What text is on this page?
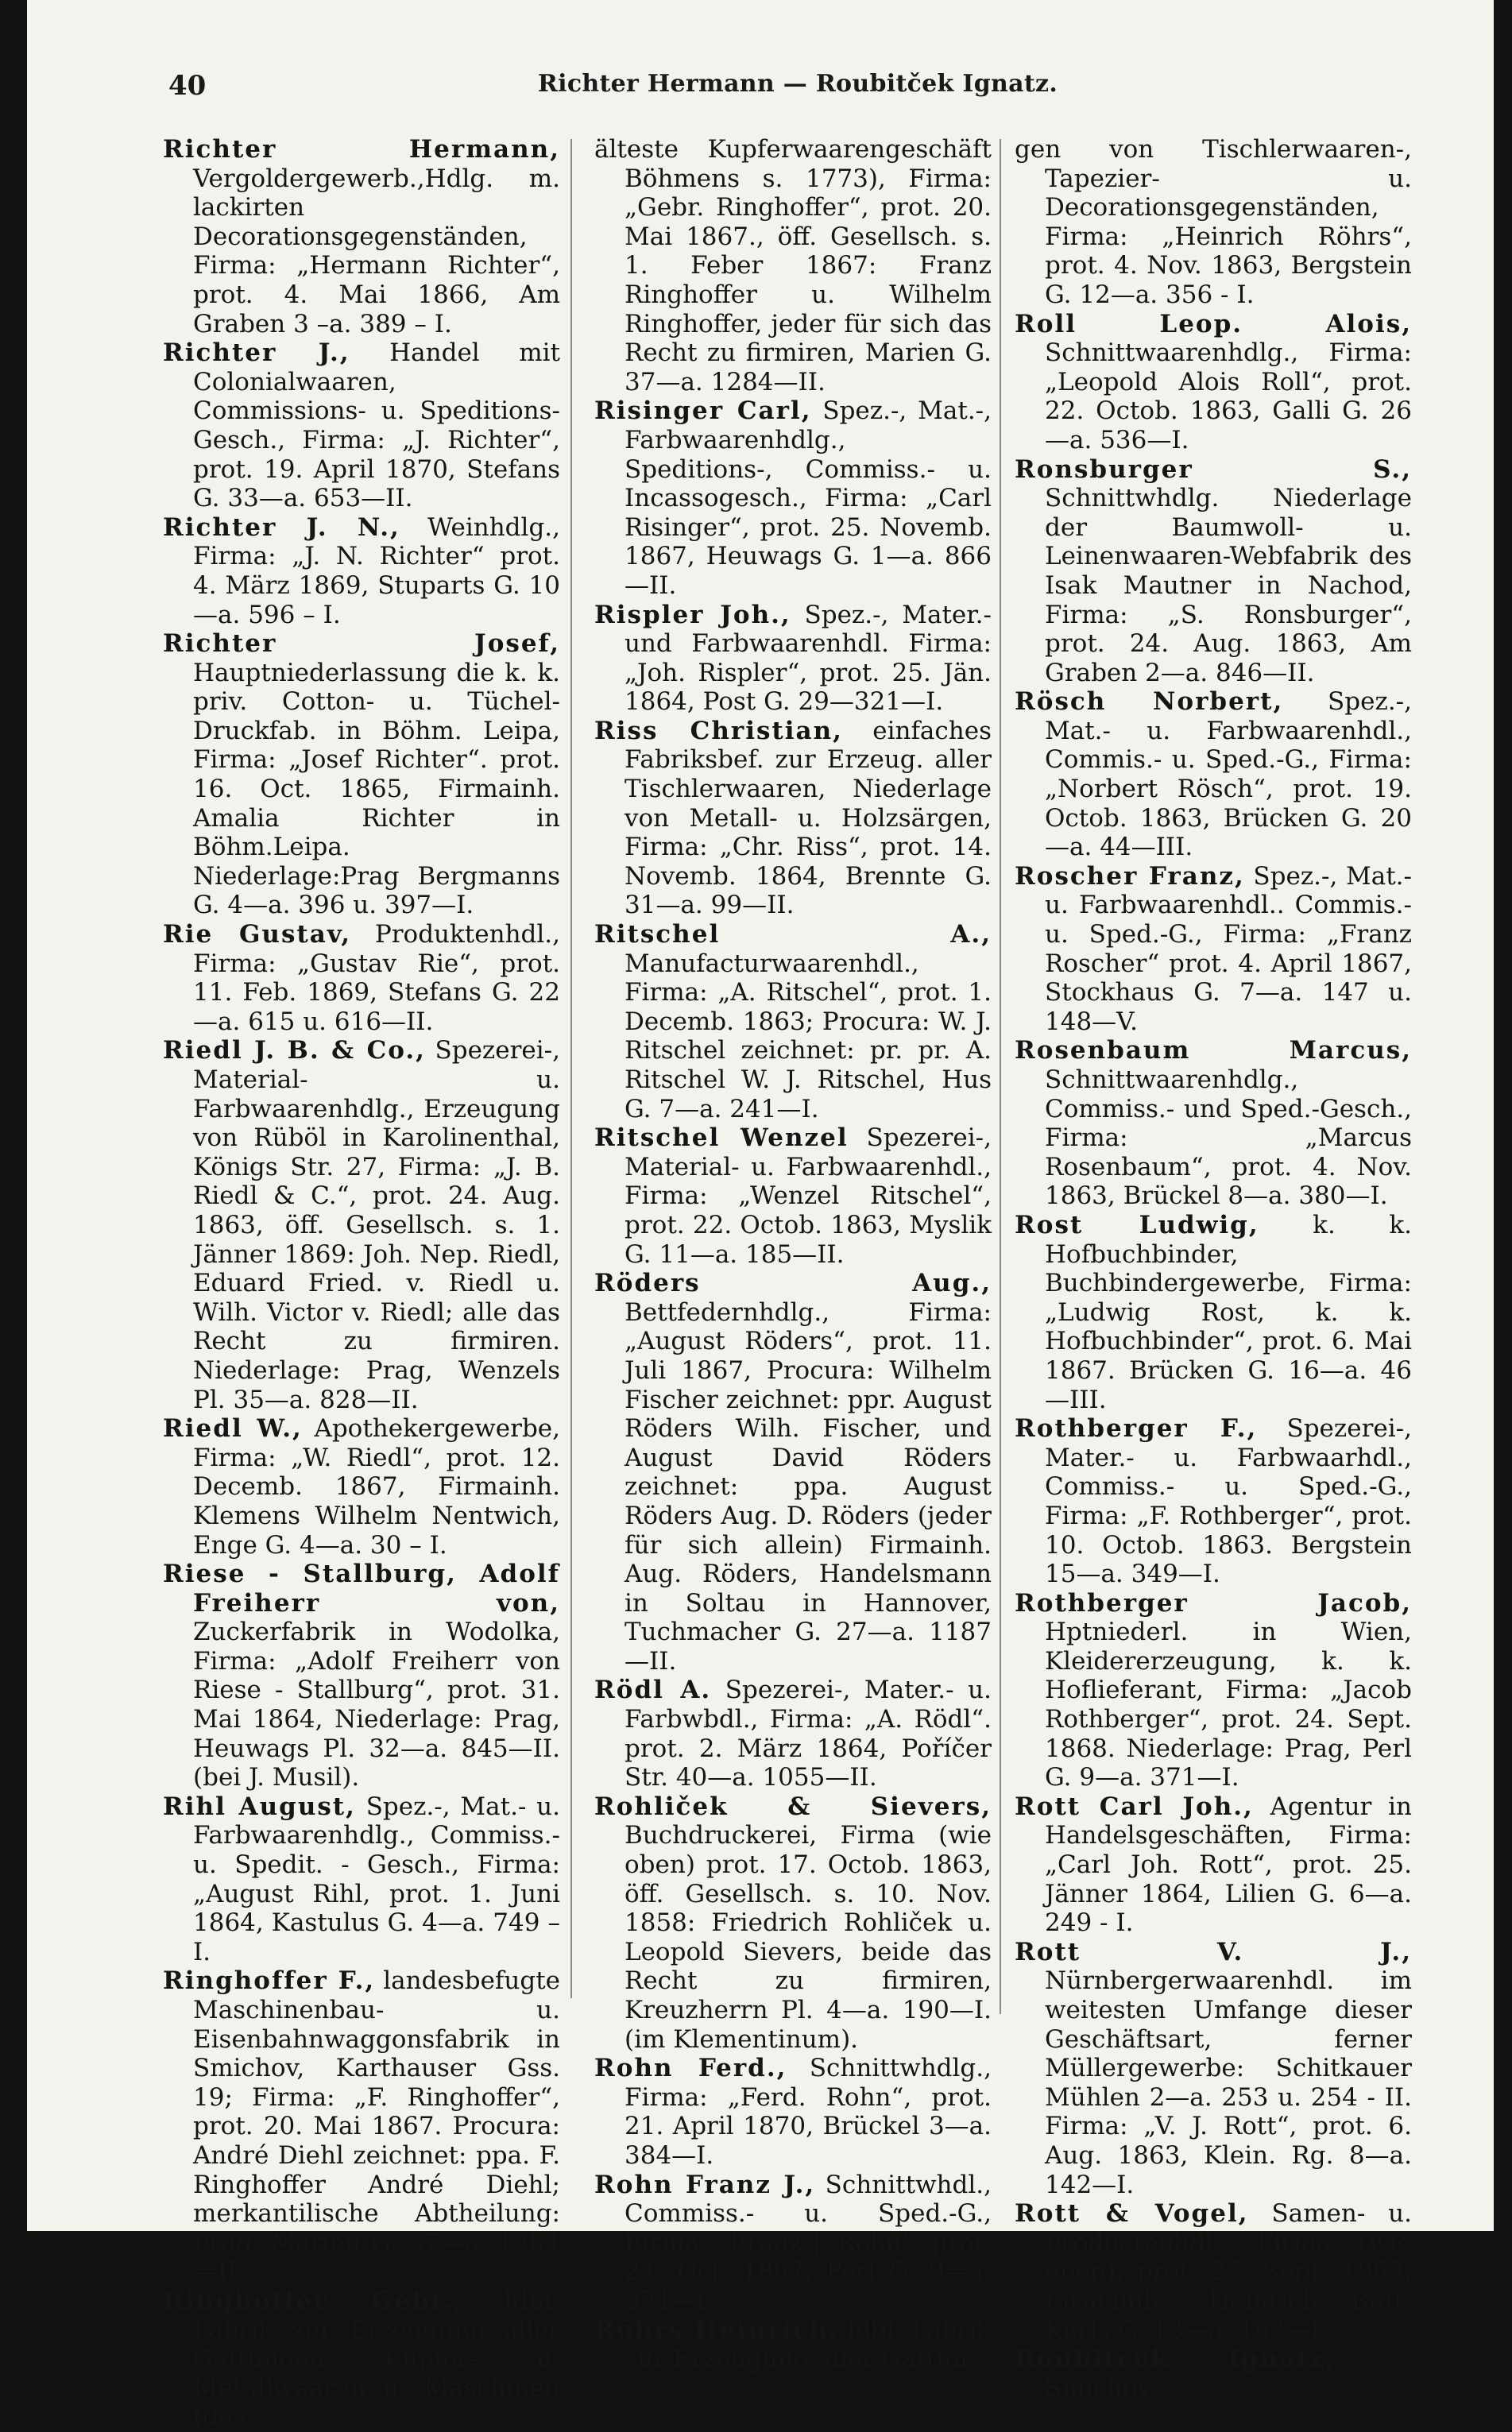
40	Richter Hermann — Roubitček Ignatz.

Richter Hermann, Vergoldergewerb.,Hdlg. m. lackirten Decorationsgegenständen, Firma: „Hermann Richter“, prot. 4. Mai 1866, Am Graben 3 –a. 389 – I.

Richter J., Handel mit Colonialwaaren, Commissions- u. Speditions-Gesch., Firma: „J. Richter“, prot. 19. April 1870, Stefans G. 33—a. 653—II.

Richter J. N., Weinhdlg., Firma: „J. N. Richter“ prot. 4. März 1869, Stuparts G. 10—a. 596 – I.

Richter Josef, Hauptniederlassung die k. k. priv. Cotton- u. Tüchel-Druckfab. in Böhm. Leipa, Firma: „Josef Richter“. prot. 16. Oct. 1865, Firmainh. Amalia Richter in Böhm.Leipa. Niederlage:Prag Bergmanns G. 4—a. 396 u. 397—I.

Rie Gustav, Produktenhdl., Firma: „Gustav Rie“, prot. 11. Feb. 1869, Stefans G. 22—a. 615 u. 616—II.

Riedl J. B. & Co., Spezerei-, Material- u. Farbwaarenhdlg., Erzeugung von Rüböl in Karolinenthal, Königs Str. 27, Firma: „J. B. Riedl & C.“, prot. 24. Aug. 1863, öff. Gesellsch. s. 1. Jänner 1869: Joh. Nep. Riedl, Eduard Fried. v. Riedl u. Wilh. Victor v. Riedl; alle das Recht zu firmiren. Niederlage: Prag, Wenzels Pl. 35—a. 828—II.

Riedl W., Apothekergewerbe, Firma: „W. Riedl“, prot. 12. Decemb. 1867, Firmainh. Klemens Wilhelm Nentwich, Enge G. 4—a. 30 – I.

Riese - Stallburg, Adolf Freiherr von, Zuckerfabrik in Wodolka, Firma: „Adolf Freiherr von Riese - Stallburg“, prot. 31. Mai 1864, Niederlage: Prag, Heuwags Pl. 32—a. 845—II. (bei J. Musil).

Rihl August, Spez.-, Mat.- u. Farbwaarenhdlg., Commiss.- u. Spedit. - Gesch., Firma: „August Rihl, prot. 1. Juni 1864, Kastulus G. 4—a. 749 – I.

Ringhoffer F., landesbefugte Maschinenbau- u. Eisenbahnwaggonsfabrik in Smichov, Karthauser Gss. 19; Firma: „F. Ringhoffer“, prot. 20. Mai 1867. Procura: André Diehl zeichnet: ppa. F. Ringhoffer André Diehl; merkantilische Abtheilung: Prag, Marien G. 37—a. 1284—II.

Ringhoffer Gebr., ldbf. Fabrik zur Erzeugung aller Gattungen Kupfer- u. Metallwaaren u. Maschinen (das

älteste Kupferwaarengeschäft Böhmens s. 1773), Firma: „Gebr. Ringhoffer“, prot. 20. Mai 1867., öff. Gesellsch. s. 1. Feber 1867: Franz Ringhoffer u. Wilhelm Ringhoffer, jeder für sich das Recht zu firmiren, Marien G. 37—a. 1284—II.

Risinger Carl, Spez.-, Mat.-, Farbwaarenhdlg., Speditions-, Commiss.- u. Incassogesch., Firma: „Carl Risinger“, prot. 25. Novemb. 1867, Heuwags G. 1—a. 866—II.

Rispler Joh., Spez.-, Mater.- und Farbwaarenhdl. Firma: „Joh. Rispler“, prot. 25. Jän. 1864, Post G. 29—321—I.

Riss Christian, einfaches Fabriksbef. zur Erzeug. aller Tischlerwaaren, Niederlage von Metall- u. Holzsärgen, Firma: „Chr. Riss“, prot. 14. Novemb. 1864, Brennte G. 31—a. 99—II.

Ritschel A., Manufacturwaarenhdl., Firma: „A. Ritschel“, prot. 1. Decemb. 1863; Procura: W. J. Ritschel zeichnet: pr. pr. A. Ritschel W. J. Ritschel, Hus G. 7—a. 241—I.

Ritschel Wenzel Spezerei-, Material- u. Farbwaarenhdl., Firma: „Wenzel Ritschel“, prot. 22. Octob. 1863, Myslik G. 11—a. 185—II.

Röders Aug., Bettfedernhdlg., Firma: „August Röders“, prot. 11. Juli 1867, Procura: Wilhelm Fischer zeichnet: ppr. August Röders Wilh. Fischer, und August David Röders zeichnet: ppa. August Röders Aug. D. Röders (jeder für sich allein) Firmainh. Aug. Röders, Handelsmann in Soltau in Hannover, Tuchmacher G. 27—a. 1187—II.

Rödl A. Spezerei-, Mater.- u. Farbwbdl., Firma: „A. Rödl“. prot. 2. März 1864, Poříčer Str. 40—a. 1055—II.

Rohliček & Sievers, Buchdruckerei, Firma (wie oben) prot. 17. Octob. 1863, öff. Gesellsch. s. 10. Nov. 1858: Friedrich Rohliček u. Leopold Sievers, beide das Recht zu firmiren, Kreuzherrn Pl. 4—a. 190—I. (im Klementinum).

Rohn Ferd., Schnittwhdlg., Firma: „Ferd. Rohn“, prot. 21. April 1870, Brückel 3—a. 384—I.

Rohn Franz J., Schnittwhdl., Commiss.- u. Sped.-G., Firma: „Franz J. Rohn“, prot. 24. Oct. 1867, Perl G. 9—a. 371—I.

Röhrs Heinrich, ldbf. Fabrik zur Erzeugung aller Gattun-

gen von Tischlerwaaren-, Tapezier- u. Decorationsgegenständen, Firma: „Heinrich Röhrs“, prot. 4. Nov. 1863, Bergstein G. 12—a. 356 - I.

Roll Leop. Alois, Schnittwaarenhdlg., Firma: „Leopold Alois Roll“, prot. 22. Octob. 1863, Galli G. 26—a. 536—I.

Ronsburger S., Schnittwhdlg. Niederlage der Baumwoll- u. Leinenwaaren-Webfabrik des Isak Mautner in Nachod, Firma: „S. Ronsburger“, prot. 24. Aug. 1863, Am Graben 2—a. 846—II.

Rösch Norbert, Spez.-, Mat.- u. Farbwaarenhdl., Commis.- u. Sped.-G., Firma: „Norbert Rösch“, prot. 19. Octob. 1863, Brücken G. 20—a. 44—III.

Roscher Franz, Spez.-, Mat.- u. Farbwaarenhdl.. Commis.- u. Sped.-G., Firma: „Franz Roscher“ prot. 4. April 1867, Stockhaus G. 7—a. 147 u. 148—V.

Rosenbaum Marcus, Schnittwaarenhdlg., Commiss.- und Sped.-Gesch., Firma: „Marcus Rosenbaum“, prot. 4. Nov. 1863, Brückel 8—a. 380—I.

Rost Ludwig, k. k. Hofbuchbinder, Buchbindergewerbe, Firma: „Ludwig Rost, k. k. Hofbuchbinder“, prot. 6. Mai 1867. Brücken G. 16—a. 46—III.

Rothberger F., Spezerei-, Mater.- u. Farbwaarhdl., Commiss.- u. Sped.-G., Firma: „F. Rothberger“, prot. 10. Octob. 1863. Bergstein 15—a. 349—I.

Rothberger Jacob, Hptniederl. in Wien, Kleidererzeugung, k. k. Hoflieferant, Firma: „Jacob Rothberger“, prot. 24. Sept. 1868. Niederlage: Prag, Perl G. 9—a. 371—I.

Rott Carl Joh., Agentur in Handelsgeschäften, Firma: „Carl Joh. Rott“, prot. 25. Jänner 1864, Lilien G. 6—a. 249 - I.

Rott V. J., Nürnbergerwaarenhdl. im weitesten Umfange dieser Geschäftsart, ferner Müllergewerbe: Schitkauer Mühlen 2—a. 253 u. 254 - II. Firma: „V. J. Rott“, prot. 6. Aug. 1863, Klein. Rg. 8—a. 142—I.

Rott & Vogel, Samen- u. Productenhdl., Firma (wie oben), prot. 27. Sept. 1863, Firmainh.: Heinrich Rott, Karls G. 13—a. 162—I.

Roubitček Ignatz, s. Smichov.
